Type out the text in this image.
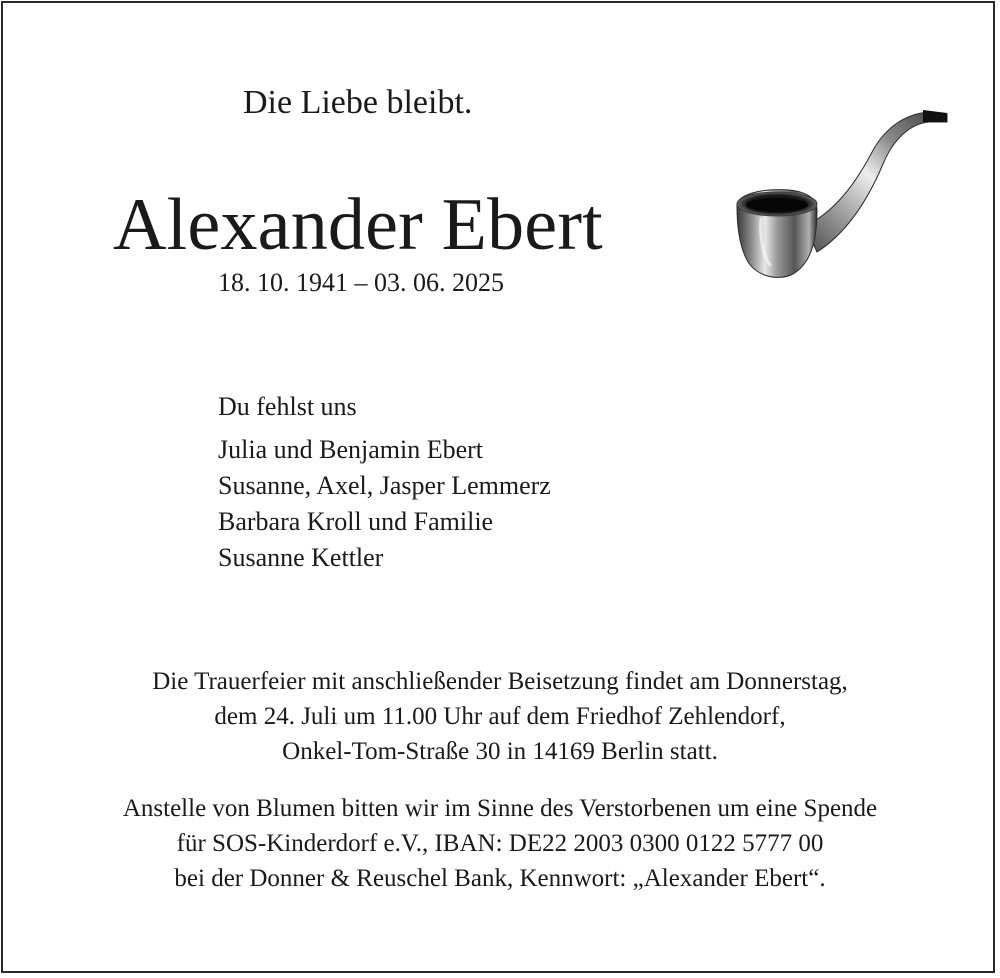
Die Liebe bleibt.
Alexander Ebert
18. 10. 1941 – 03. 06. 2025
Du fehlst uns
Julia und Benjamin Ebert
Susanne, Axel, Jasper Lemmerz
Barbara Kroll und Familie
Susanne Kettler
Die Trauerfeier mit anschließender Beisetzung findet am Donnerstag,
dem 24. Juli um 11.00 Uhr auf dem Friedhof Zehlendorf,
Onkel-Tom-Straße 30 in 14169 Berlin statt.
Anstelle von Blumen bitten wir im Sinne des Verstorbenen um eine Spende
für SOS-Kinderdorf e.V., IBAN: DE22 2003 0300 0122 5777 00
bei der Donner & Reuschel Bank, Kennwort: „Alexander Ebert“.
